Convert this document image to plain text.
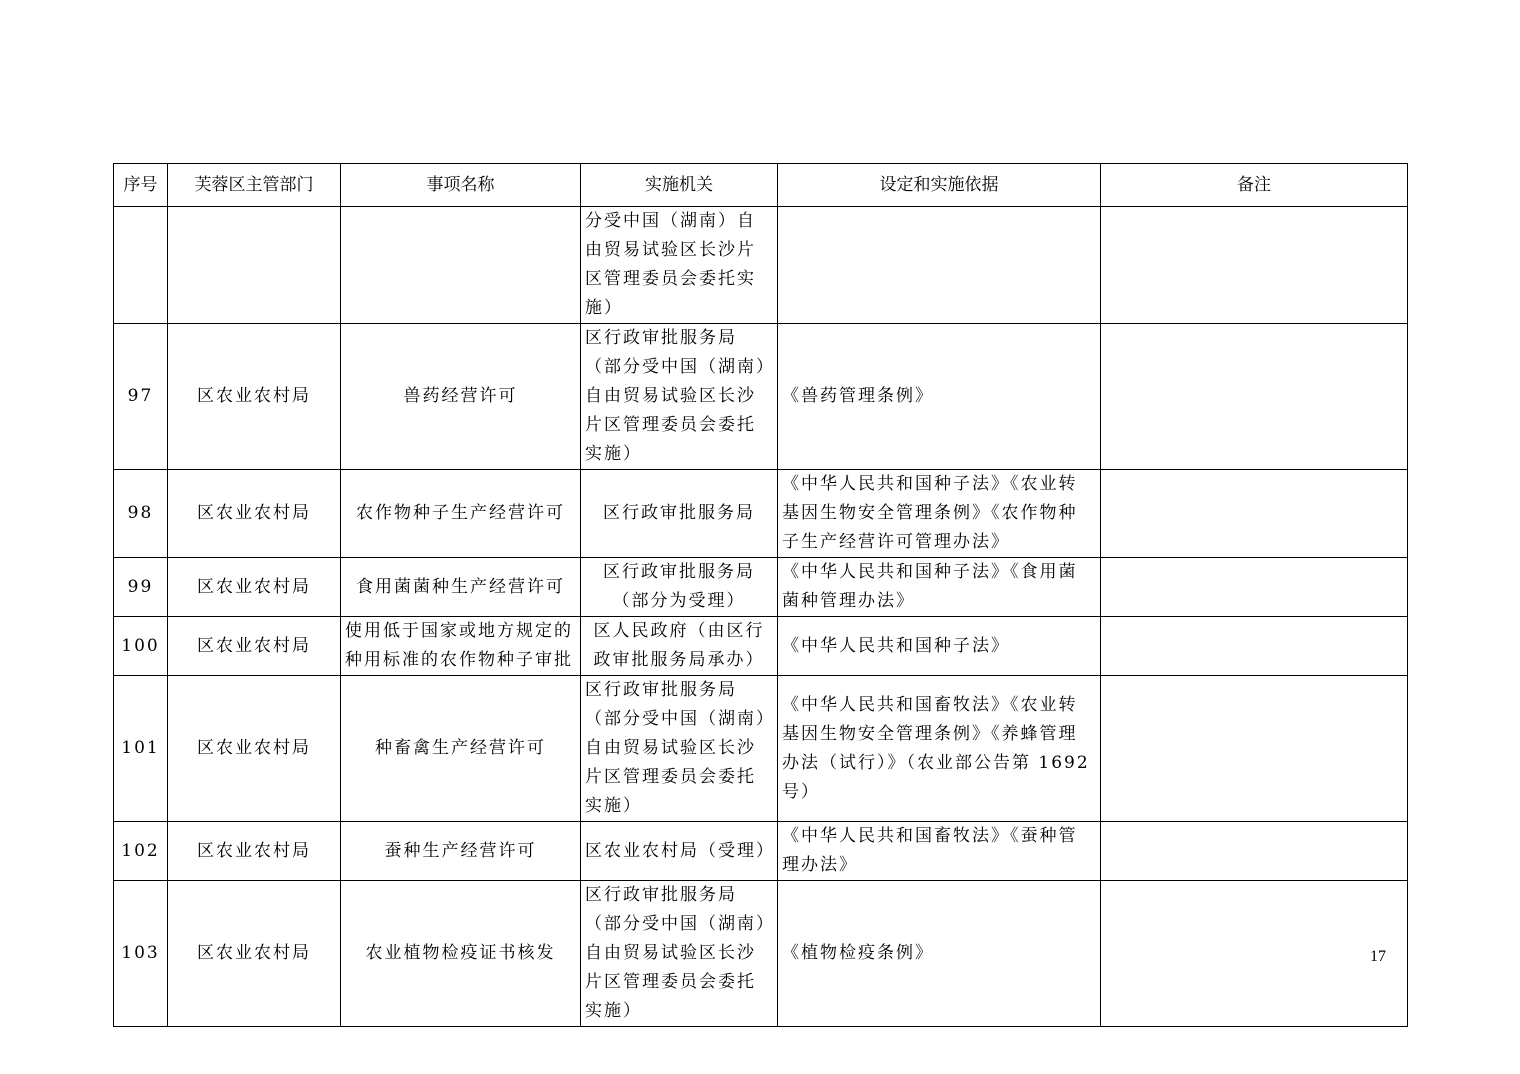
序号	芙蓉区主管部门	事项名称	实施机关	设定和实施依据	备注
			分受中国（湖南）自由贸易试验区长沙片区管理委员会委托实施）		
97	区农业农村局	兽药经营许可	区行政审批服务局（部分受中国（湖南）自由贸易试验区长沙片区管理委员会委托实施）	《兽药管理条例》	
98	区农业农村局	农作物种子生产经营许可	区行政审批服务局	《中华人民共和国种子法》《农业转基因生物安全管理条例》《农作物种子生产经营许可管理办法》	
99	区农业农村局	食用菌菌种生产经营许可	区行政审批服务局（部分为受理）	《中华人民共和国种子法》《食用菌菌种管理办法》	
100	区农业农村局	使用低于国家或地方规定的种用标准的农作物种子审批	区人民政府（由区行政审批服务局承办）	《中华人民共和国种子法》	
101	区农业农村局	种畜禽生产经营许可	区行政审批服务局（部分受中国（湖南）自由贸易试验区长沙片区管理委员会委托实施）	《中华人民共和国畜牧法》《农业转基因生物安全管理条例》《养蜂管理办法（试行）》（农业部公告第 1692 号）	
102	区农业农村局	蚕种生产经营许可	区农业农村局（受理）	《中华人民共和国畜牧法》《蚕种管理办法》	
103	区农业农村局	农业植物检疫证书核发	区行政审批服务局（部分受中国（湖南）自由贸易试验区长沙片区管理委员会委托实施）	《植物检疫条例》		17
